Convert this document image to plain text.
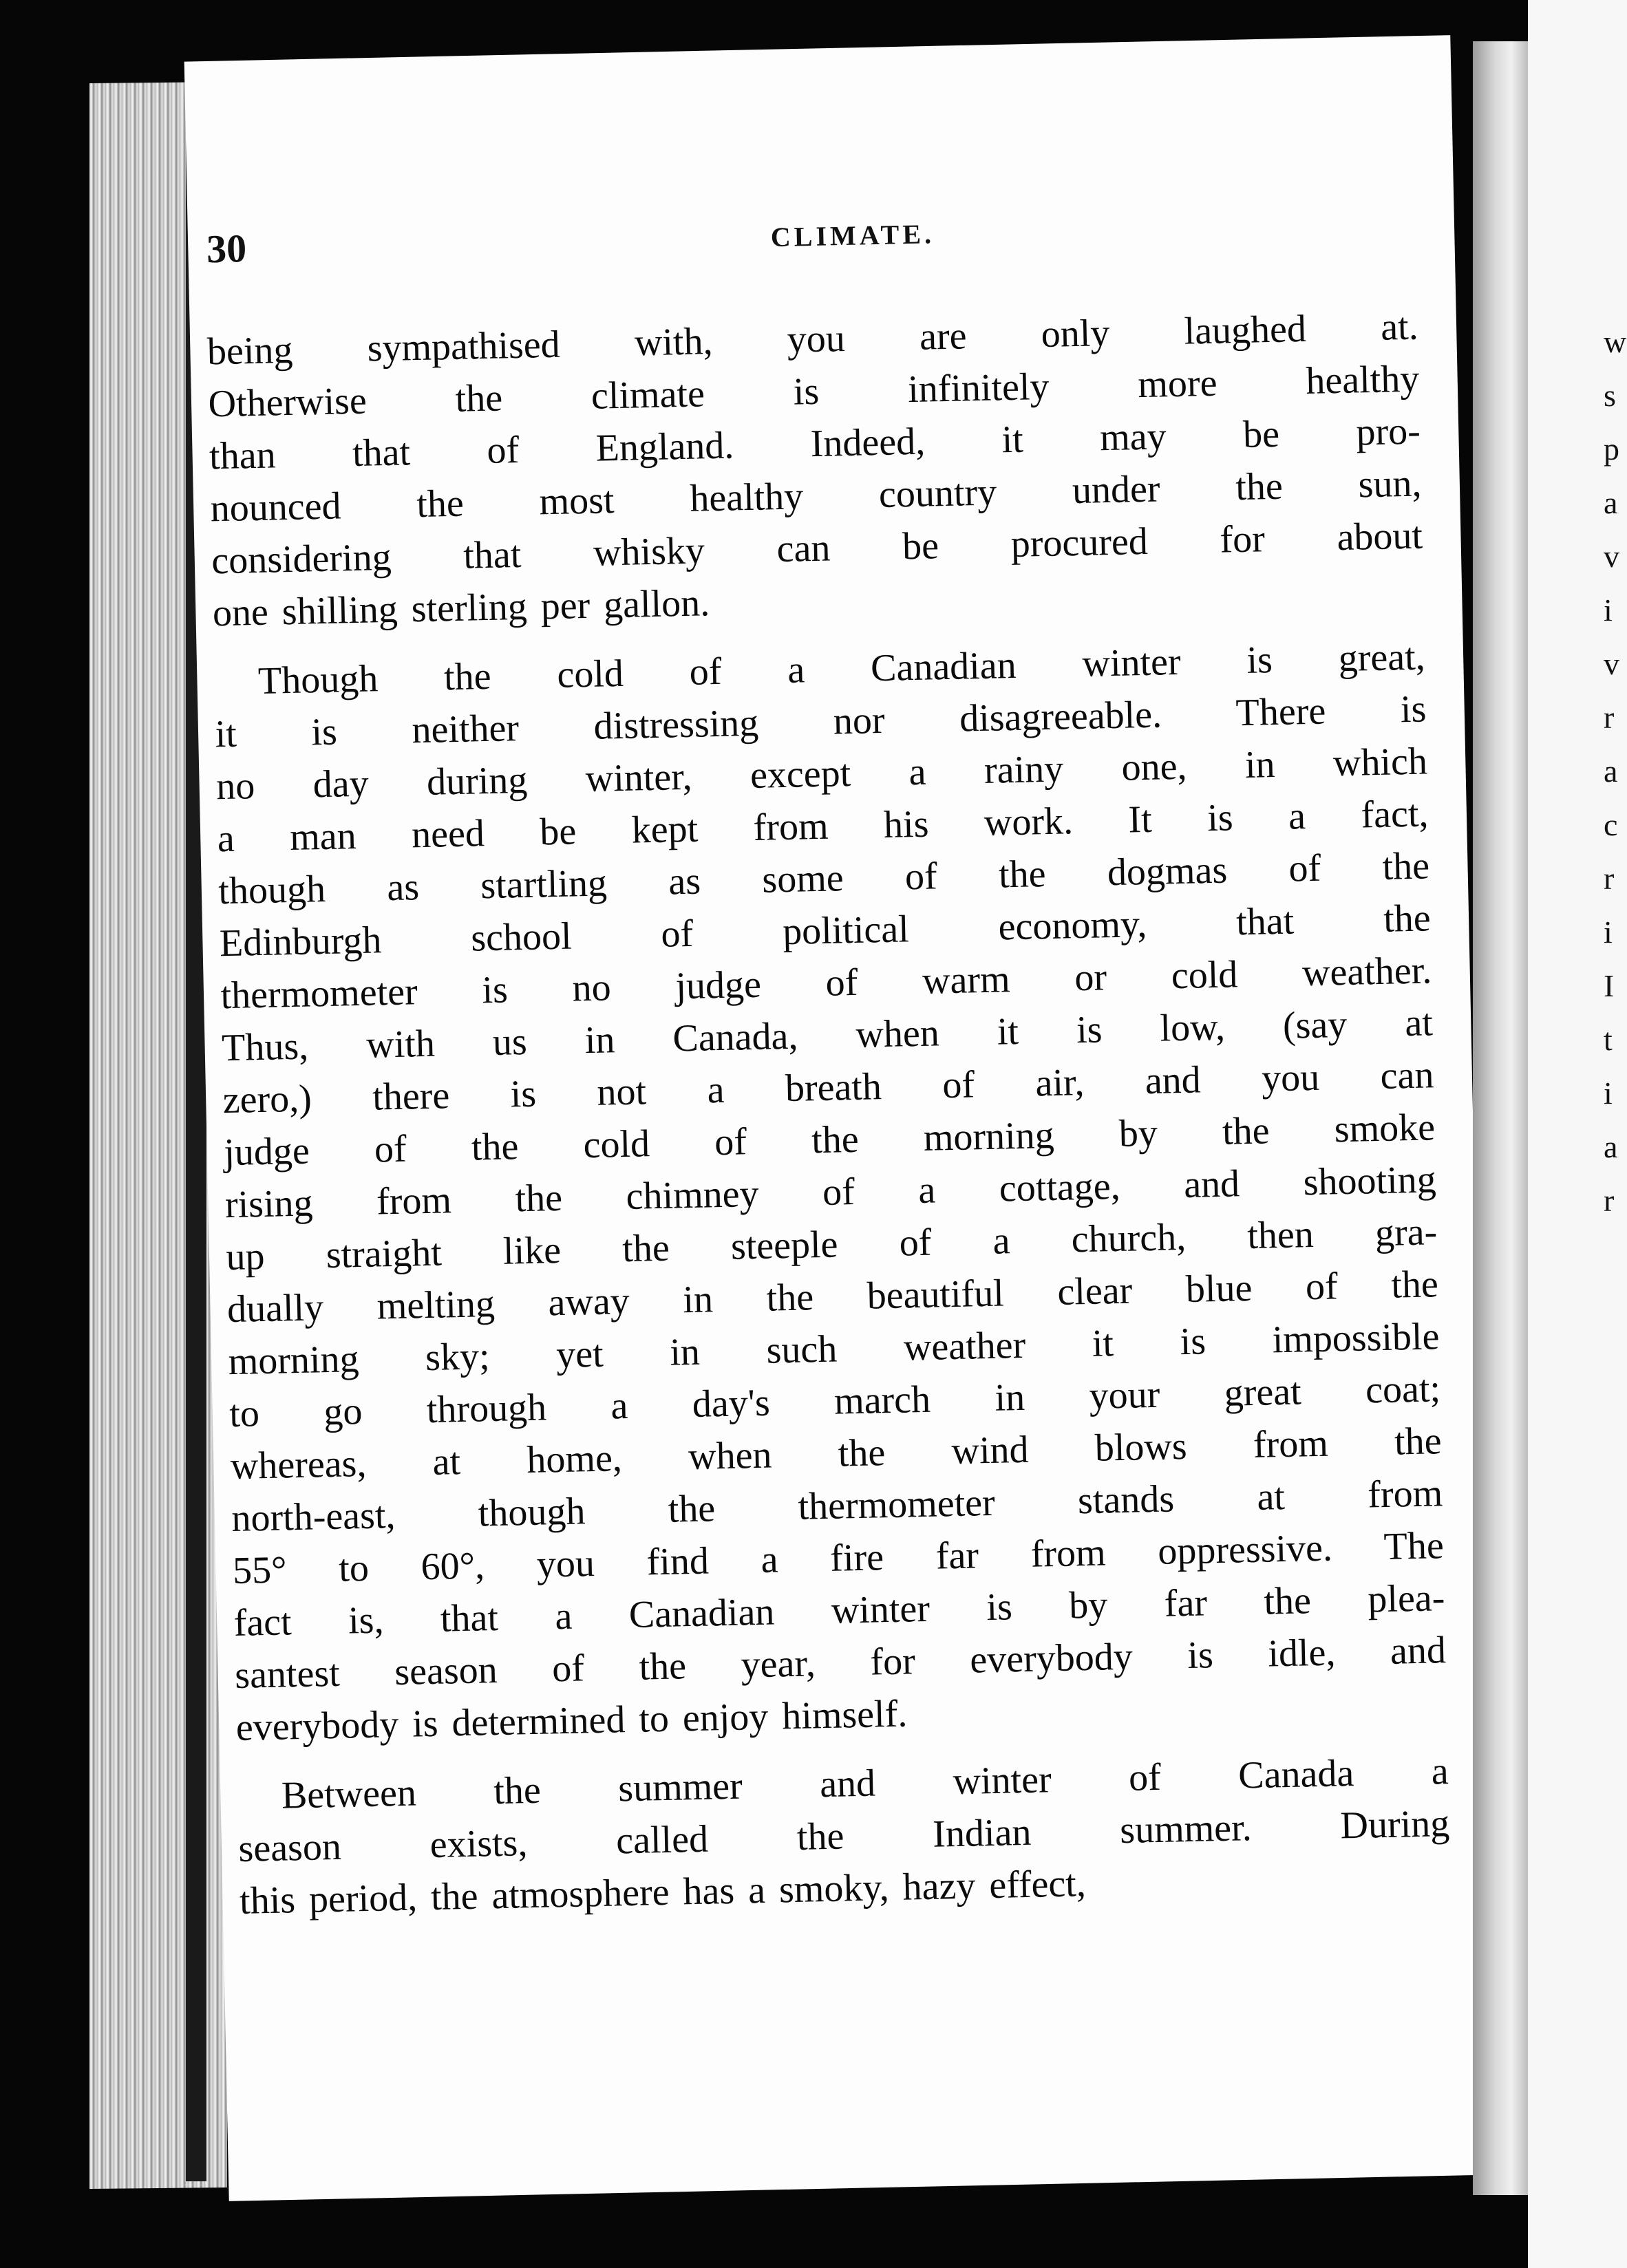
w
s
p
a
v
i
v
r
a
c
r
i
I
t
i
a
r
30	CLIMATE.
being sympathised with, you are only laughed at.
Otherwise the climate is infinitely more healthy
than that of England. Indeed, it may be pro-
nounced the most healthy country under the sun,
considering that whisky can be procured for about
one shilling sterling per gallon.
Though the cold of a Canadian winter is great,
it is neither distressing nor disagreeable. There is
no day during winter, except a rainy one, in which
a man need be kept from his work. It is a fact,
though as startling as some of the dogmas of the
Edinburgh school of political economy, that the
thermometer is no judge of warm or cold weather.
Thus, with us in Canada, when it is low, (say at
zero,) there is not a breath of air, and you can
judge of the cold of the morning by the smoke
rising from the chimney of a cottage, and shooting
up straight like the steeple of a church, then gra-
dually melting away in the beautiful clear blue of the
morning sky; yet in such weather it is impossible
to go through a day's march in your great coat;
whereas, at home, when the wind blows from the
north-east, though the thermometer stands at from
55° to 60°, you find a fire far from oppressive. The
fact is, that a Canadian winter is by far the plea-
santest season of the year, for everybody is idle, and
everybody is determined to enjoy himself.
Between the summer and winter of Canada a
season exists, called the Indian summer. During
this period, the atmosphere has a smoky, hazy effect,
